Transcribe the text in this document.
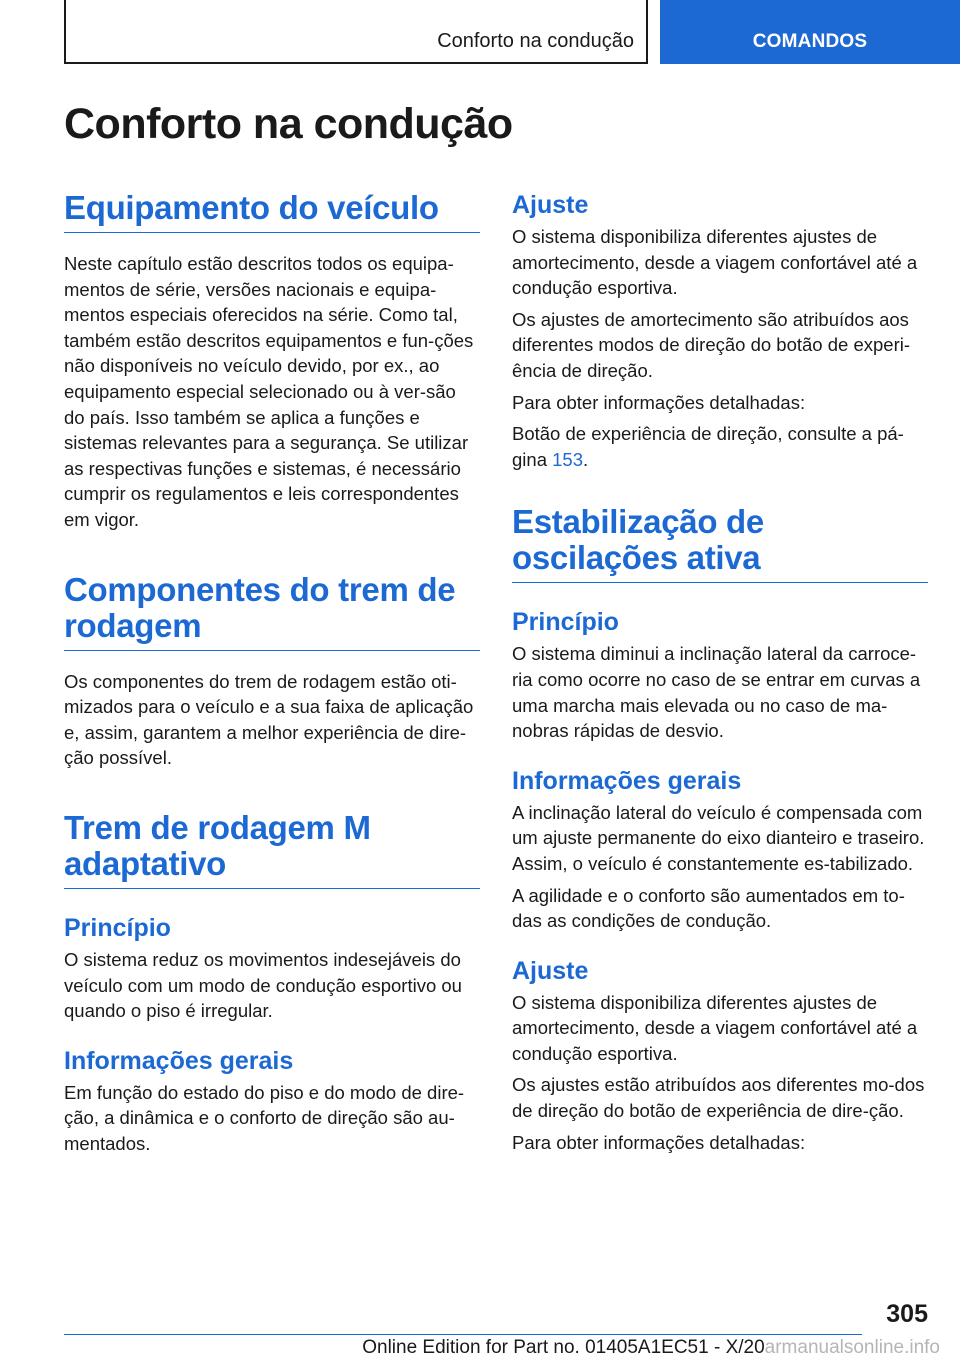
Conforto na condução	COMANDOS
Conforto na condução
Equipamento do veículo

Neste capítulo estão descritos todos os equipa-mentos de série, versões nacionais e equipa-mentos especiais oferecidos na série. Como tal, também estão descritos equipamentos e fun-ções não disponíveis no veículo devido, por ex., ao equipamento especial selecionado ou à ver-são do país. Isso também se aplica a funções e sistemas relevantes para a segurança. Se utilizar as respectivas funções e sistemas, é necessário cumprir os regulamentos e leis correspondentes em vigor.

Componentes do trem de rodagem

Os componentes do trem de rodagem estão oti-mizados para o veículo e a sua faixa de aplicação e, assim, garantem a melhor experiência de dire-ção possível.

Trem de rodagem M adaptativo
Princípio

O sistema reduz os movimentos indesejáveis do veículo com um modo de condução esportivo ou quando o piso é irregular.

Informações gerais

Em função do estado do piso e do modo de dire-ção, a dinâmica e o conforto de direção são au-mentados.

Ajuste

O sistema disponibiliza diferentes ajustes de amortecimento, desde a viagem confortável até a condução esportiva.

Os ajustes de amortecimento são atribuídos aos diferentes modos de direção do botão de experi-ência de direção.

Para obter informações detalhadas:

Botão de experiência de direção, consulte a pá-gina 153.

Estabilização de oscilações ativa
Princípio

O sistema diminui a inclinação lateral da carroce-ria como ocorre no caso de se entrar em curvas a uma marcha mais elevada ou no caso de ma-nobras rápidas de desvio.

Informações gerais

A inclinação lateral do veículo é compensada com um ajuste permanente do eixo dianteiro e traseiro. Assim, o veículo é constantemente es-tabilizado.

A agilidade e o conforto são aumentados em to-das as condições de condução.

Ajuste

O sistema disponibiliza diferentes ajustes de amortecimento, desde a viagem confortável até a condução esportiva.

Os ajustes estão atribuídos aos diferentes mo-dos de direção do botão de experiência de dire-ção.

Para obter informações detalhadas:

305
Online Edition for Part no. 01405A1EC51 - X/20armanualsonline.info
